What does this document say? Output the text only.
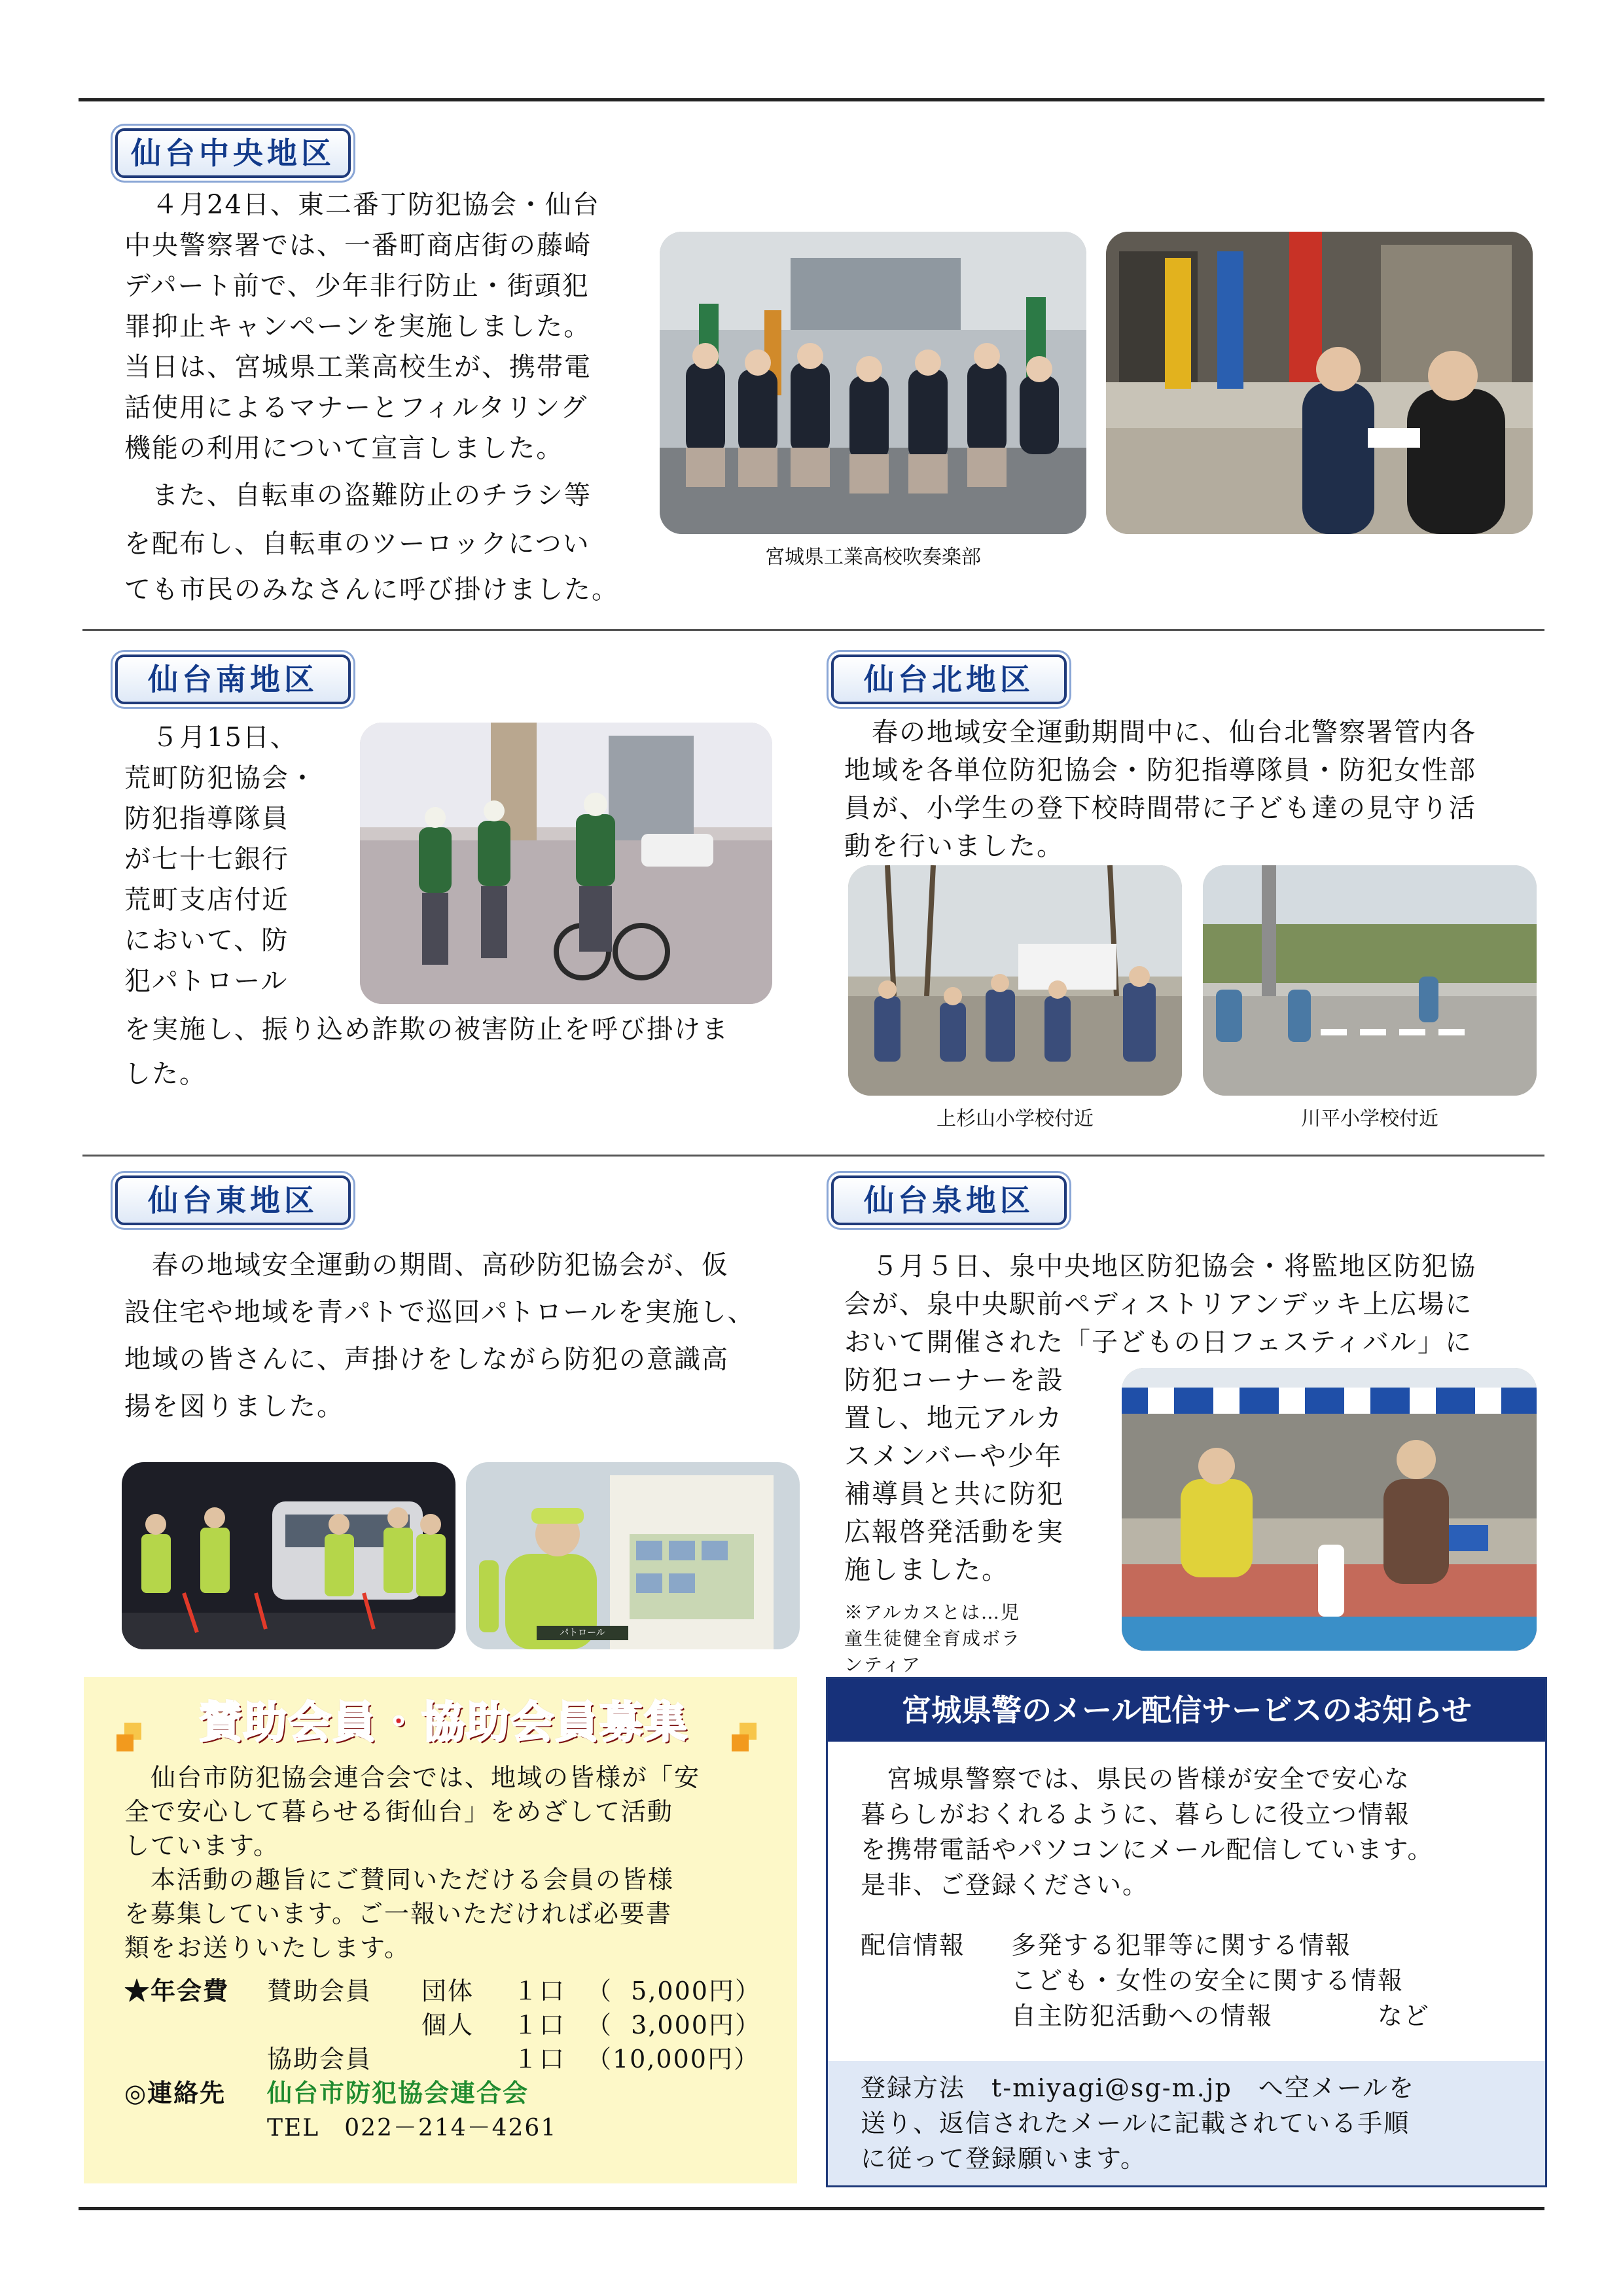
仙台中央地区
　４月24日、東二番丁防犯協会・仙台
中央警察署では、一番町商店街の藤崎
デパート前で、少年非行防止・街頭犯
罪抑止キャンペーンを実施しました。
当日は、宮城県工業高校生が、携帯電
話使用によるマナーとフィルタリング
機能の利用について宣言しました。
　また、自転車の盗難防止のチラシ等
を配布し、自転車のツーロックについ
ても市民のみなさんに呼び掛けました。
宮城県工業高校吹奏楽部
仙台南地区
　５月15日、
荒町防犯協会・
防犯指導隊員
が七十七銀行
荒町支店付近
において、防
犯パトロール
を実施し、振り込め詐欺の被害防止を呼び掛けま
した。
仙台北地区
　春の地域安全運動期間中に、仙台北警察署管内各
地域を各単位防犯協会・防犯指導隊員・防犯女性部
員が、小学生の登下校時間帯に子ども達の見守り活
動を行いました。
上杉山小学校付近	川平小学校付近
仙台東地区
　春の地域安全運動の期間、高砂防犯協会が、仮
設住宅や地域を青パトで巡回パトロールを実施し、
地域の皆さんに、声掛けをしながら防犯の意識高
揚を図りました。
パトロール
仙台泉地区
　５月５日、泉中央地区防犯協会・将監地区防犯協
会が、泉中央駅前ペディストリアンデッキ上広場に
おいて開催された「子どもの日フェスティバル」に
防犯コーナーを設
置し、地元アルカ
スメンバーや少年
補導員と共に防犯
広報啓発活動を実
施しました。
※アルカスとは…児
童生徒健全育成ボラ
ンティア
賛助会員・協助会員募集
　仙台市防犯協会連合会では、地域の皆様が「安
全で安心して暮らせる街仙台」をめざして活動
しています。
　本活動の趣旨にご賛同いただける会員の皆様
を募集しています。ご一報いただければ必要書
類をお送りいたします。
★年会費 賛助会員 団体 １口 （  5,000円）
個人 １口 （  3,000円）
協助会員	１口 （10,000円）
◎連絡先 仙台市防犯協会連合会
TEL　022－214－4261
宮城県警のメール配信サービスのお知らせ
　宮城県警察では、県民の皆様が安全で安心な
暮らしがおくれるように、暮らしに役立つ情報
を携帯電話やパソコンにメール配信しています。
是非、ご登録ください。
配信情報 多発する犯罪等に関する情報
こども・女性の安全に関する情報
自主防犯活動への情報　　　　など
登録方法　t-miyagi@sg-m.jp　へ空メールを
送り、返信されたメールに記載されている手順
に従って登録願います。
